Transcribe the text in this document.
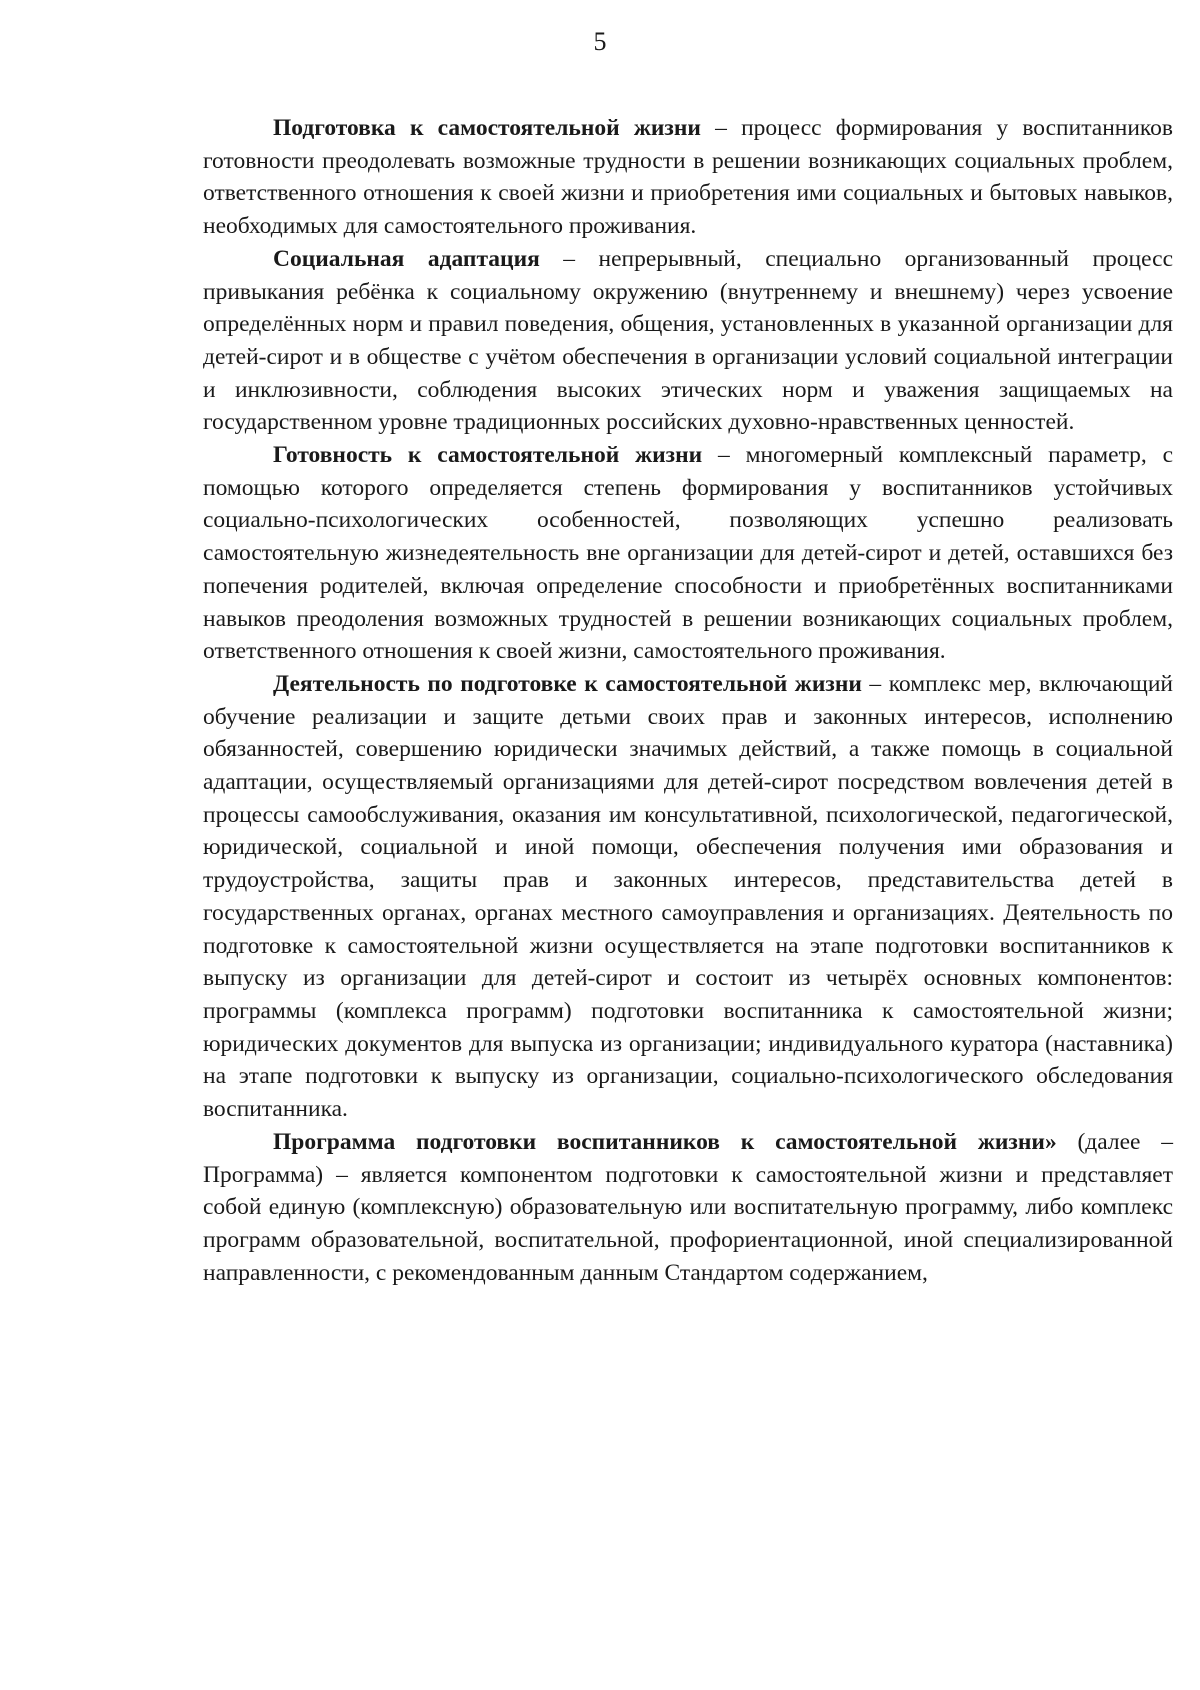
5

Подготовка к самостоятельной жизни – процесс формирования у воспитанников готовности преодолевать возможные трудности в решении возникающих социальных проблем, ответственного отношения к своей жизни и приобретения ими социальных и бытовых навыков, необходимых для самостоятельного проживания.

Социальная адаптация – непрерывный, специально организованный процесс привыкания ребёнка к социальному окружению (внутреннему и внешнему) через усвоение определённых норм и правил поведения, общения, установленных в указанной организации для детей-сирот и в обществе с учётом обеспечения в организации условий социальной интеграции и инклюзивности, соблюдения высоких этических норм и уважения защищаемых на государственном уровне традиционных российских духовно-нравственных ценностей.

Готовность к самостоятельной жизни – многомерный комплексный параметр, с помощью которого определяется степень формирования у воспитанников устойчивых социально-психологических особенностей, позволяющих успешно реализовать самостоятельную жизнедеятельность вне организации для детей-сирот и детей, оставшихся без попечения родителей, включая определение способности и приобретённых воспитанниками навыков преодоления возможных трудностей в решении возникающих социальных проблем, ответственного отношения к своей жизни, самостоятельного проживания.

Деятельность по подготовке к самостоятельной жизни – комплекс мер, включающий обучение реализации и защите детьми своих прав и законных интересов, исполнению обязанностей, совершению юридически значимых действий, а также помощь в социальной адаптации, осуществляемый организациями для детей-сирот посредством вовлечения детей в процессы самообслуживания, оказания им консультативной, психологической, педагогической, юридической, социальной и иной помощи, обеспечения получения ими образования и трудоустройства, защиты прав и законных интересов, представительства детей в государственных органах, органах местного самоуправления и организациях. Деятельность по подготовке к самостоятельной жизни осуществляется на этапе подготовки воспитанников к выпуску из организации для детей-сирот и состоит из четырёх основных компонентов: программы (комплекса программ) подготовки воспитанника к самостоятельной жизни; юридических документов для выпуска из организации; индивидуального куратора (наставника) на этапе подготовки к выпуску из организации, социально-психологического обследования воспитанника.

Программа подготовки воспитанников к самостоятельной жизни» (далее – Программа) – является компонентом подготовки к самостоятельной жизни и представляет собой единую (комплексную) образовательную или воспитательную программу, либо комплекс программ образовательной, воспитательной, профориентационной, иной специализированной направленности, с рекомендованным данным Стандартом содержанием,
